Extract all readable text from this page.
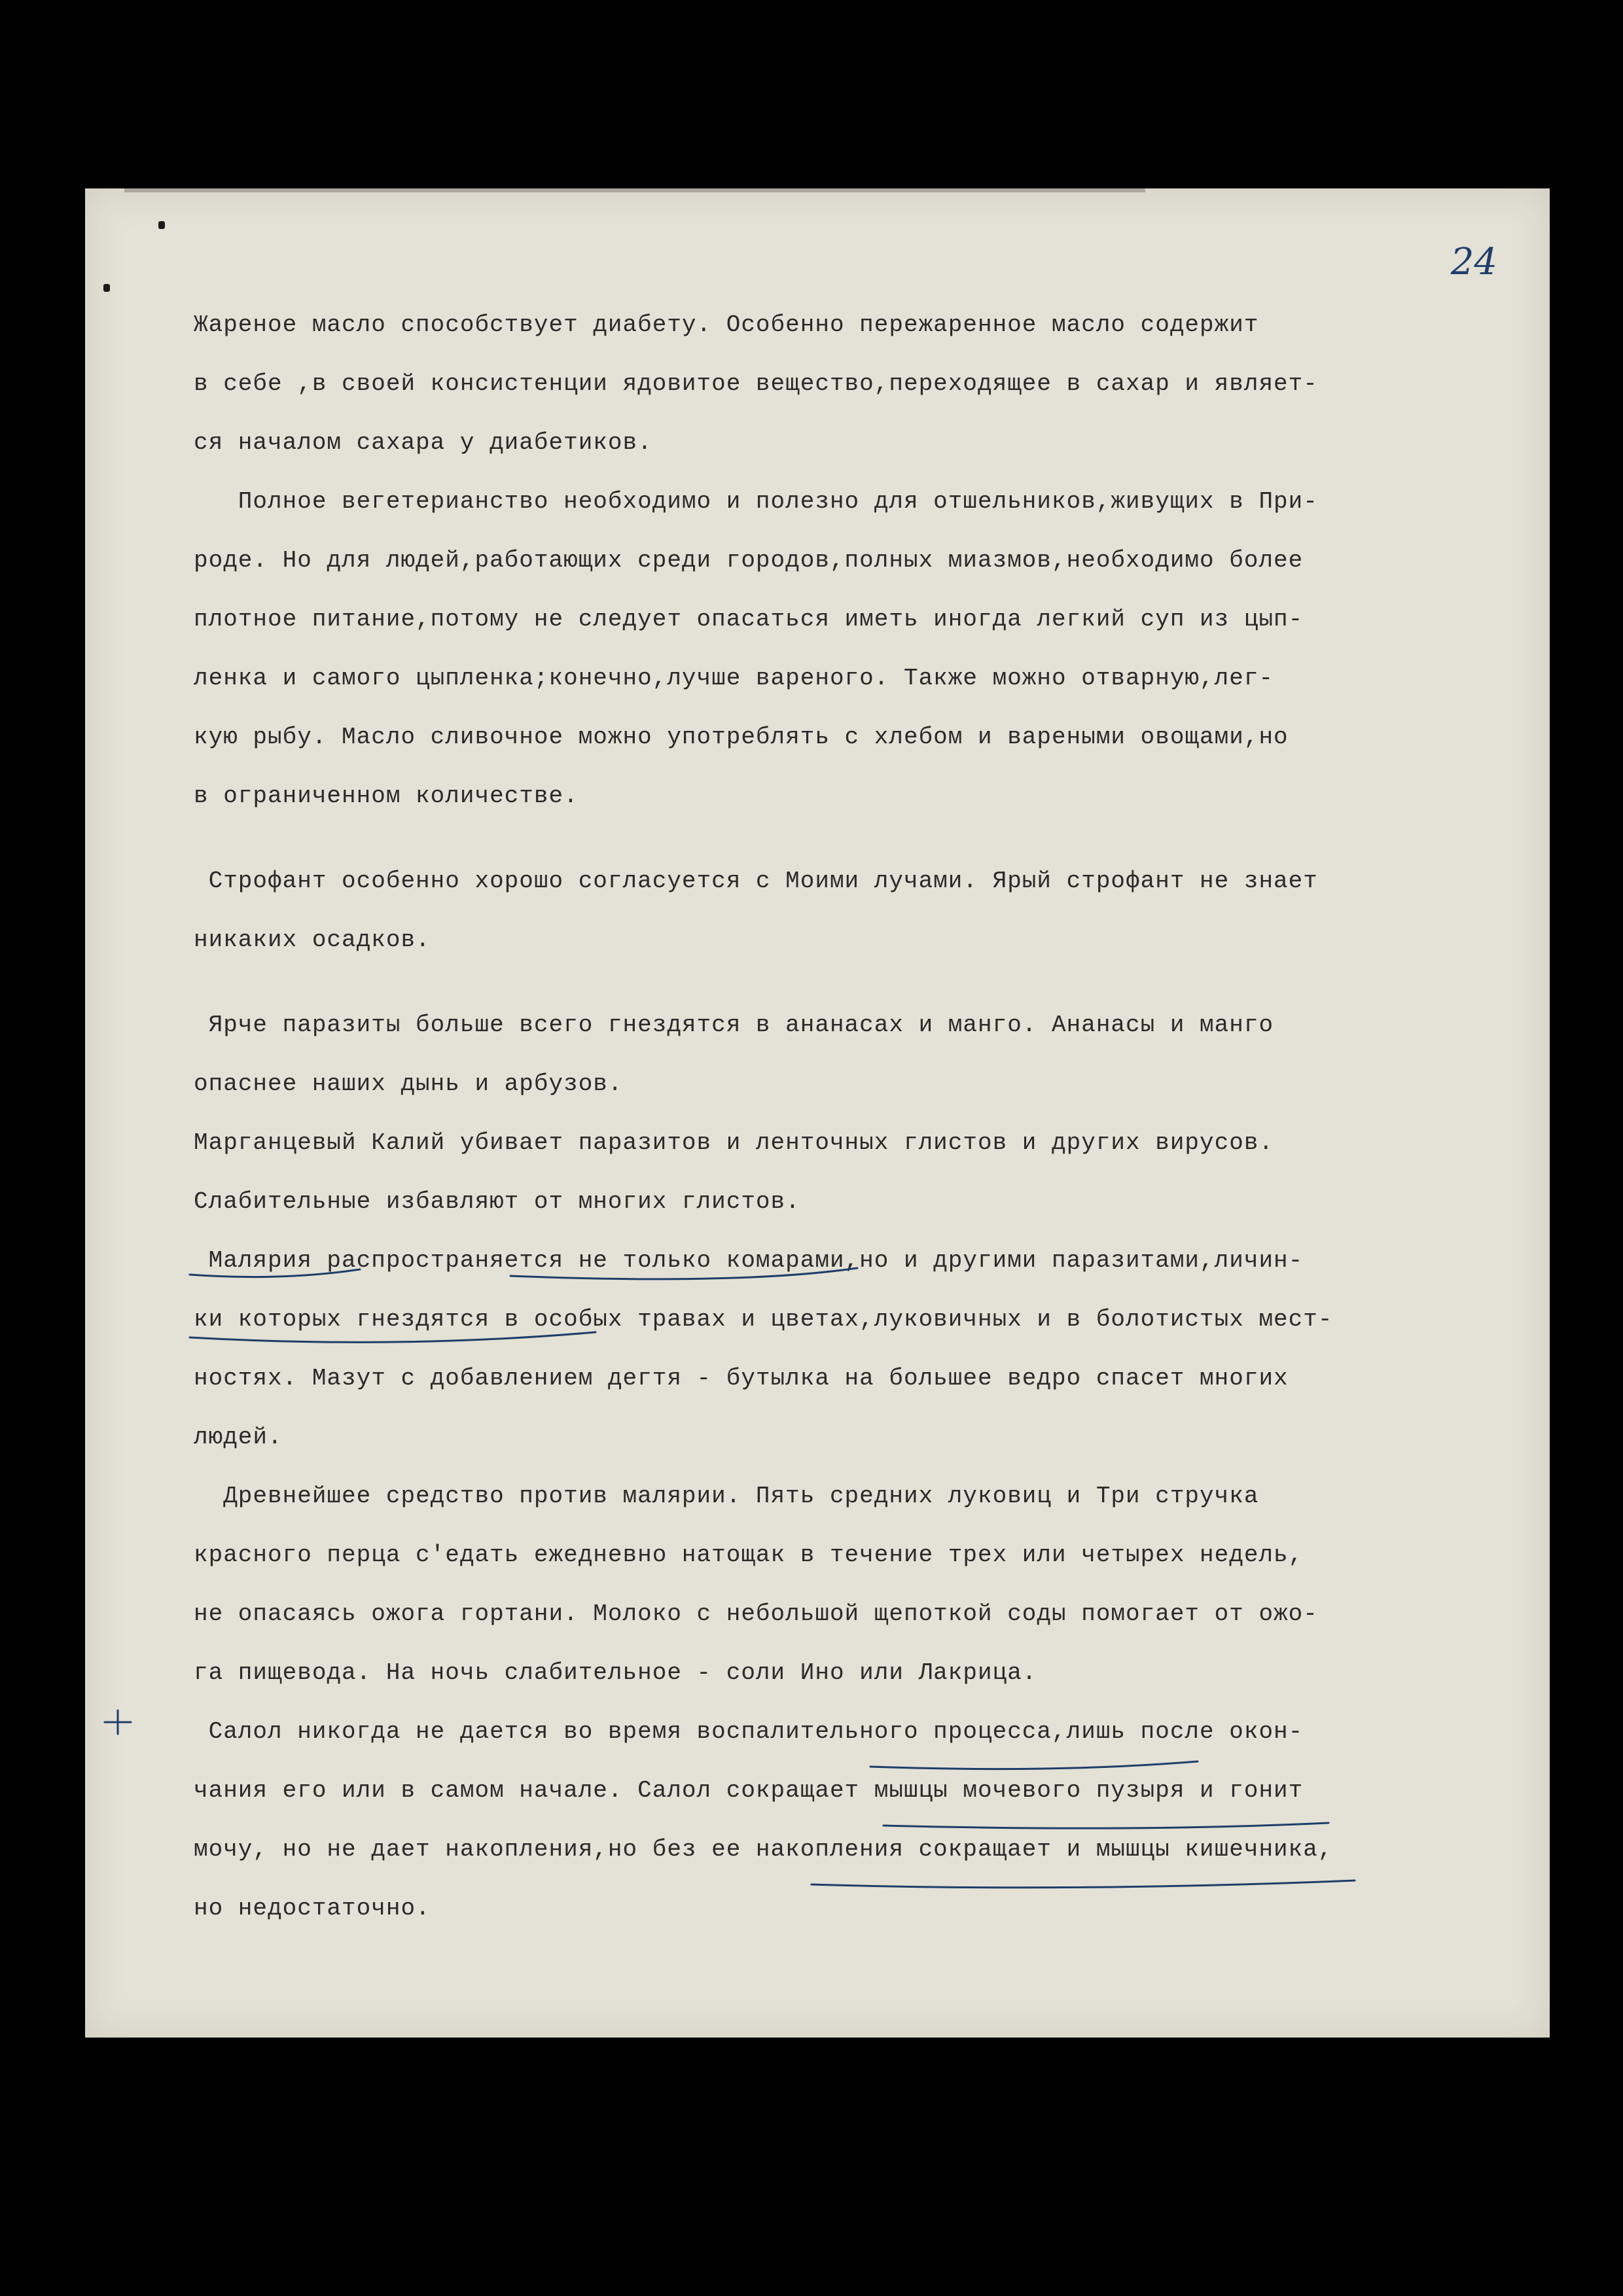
24
Жареное масло способствует диабету. Особенно пережаренное масло содержит
в себе ,в своей консистенции ядовитое вещество,переходящее в сахар и являет-
ся началом сахара у диабетиков.
Полное вегетерианство необходимо и полезно для отшельников,живущих в При-
роде. Но для людей,работающих среди городов,полных миазмов,необходимо более
плотное питание,потому не следует опасаться иметь иногда легкий суп из цып-
ленка и самого цыпленка;конечно,лучше вареного. Также можно отварную,лег-
кую рыбу. Масло сливочное можно употреблять с хлебом и вареными овощами,но
в ограниченном количестве.
Строфант особенно хорошо согласуется с Моими лучами. Ярый строфант не знает
никаких осадков.
Ярче паразиты больше всего гнездятся в ананасах и манго. Ананасы и манго
опаснее наших дынь и арбузов.
Марганцевый Калий убивает паразитов и ленточных глистов и других вирусов.
Слабительные избавляют от многих глистов.
Малярия распространяется не только комарами,но и другими паразитами,личин-
ки которых гнездятся в особых травах и цветах,луковичных и в болотистых мест-
ностях. Мазут с добавлением дегтя - бутылка на большее ведро спасет многих
людей.
Древнейшее средство против малярии. Пять средних луковиц и Три стручка
красного перца с'едать ежедневно натощак в течение трех или четырех недель,
не опасаясь ожога гортани. Молоко с небольшой щепоткой соды помогает от ожо-
га пищевода. На ночь слабительное - соли Ино или Лакрица.
Салол никогда не дается во время воспалительного процесса,лишь после окон-
чания его или в самом начале. Салол сокращает мышцы мочевого пузыря и гонит
мочу, но не дает накопления,но без ее накопления сокращает и мышцы кишечника,
но недостаточно.
